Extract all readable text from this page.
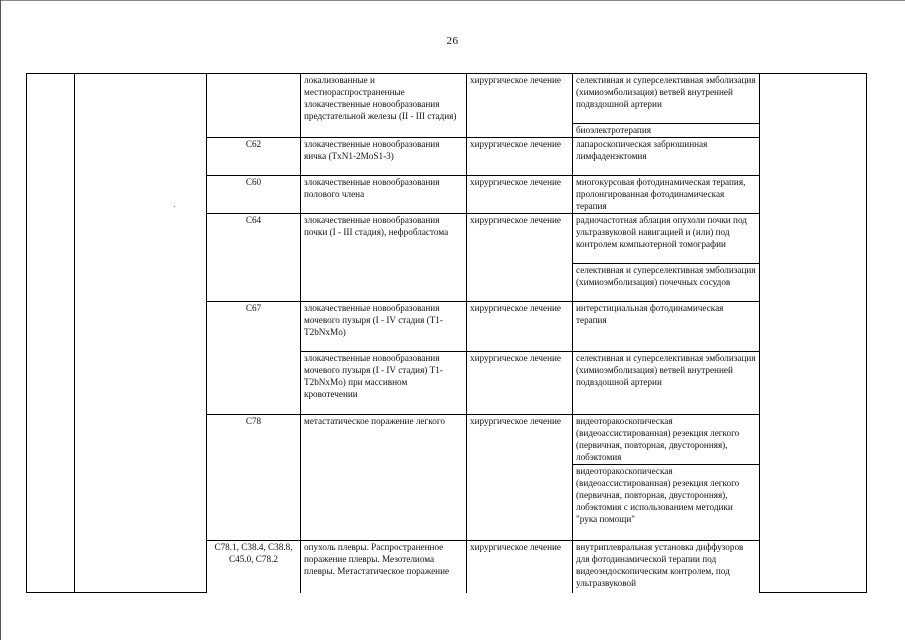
26
			локализованные и местнораспространенные злокачественные новообразования предстательной железы (II - III стадия)	хирургическое лечение	селективная и суперселективная эмболизация (химиоэмболизация) ветвей внутренней подвздошной артерии	
					биоэлектротерапия	
		C62	злокачественные новообразования яичка (TxN1-2MoS1-3)	хирургическое лечение	лапароскопическая забрюшинная лимфаденэктомия	
		C60	злокачественные новообразования полового члена	хирургическое лечение	многокурсовая фотодинамическая терапия, пролонгированная фотодинамическая терапия	
		C64	злокачественные новообразования почки (I - III стадия), нефробластома	хирургическое лечение	радиочастотная аблация опухоли почки под ультразвуковой навигацией и (или) под контролем компьютерной томографии	
					селективная и суперселективная эмболизация (химиоэмболизация) почечных сосудов	
		C67	злокачественные новообразования мочевого пузыря (I - IV стадия (T1-T2bNxMo)	хирургическое лечение	интерстициальная фотодинамическая терапия	
			злокачественные новообразования мочевого пузыря (I - IV стадия) T1-T2bNxMo) при массивном кровотечении	хирургическое лечение	селективная и суперселективная эмболизация (химиоэмболизация) ветвей внутренней подвздошной артерии	
		C78	метастатическое поражение легкого	хирургическое лечение	видеоторакоскопическая (видеоассистированная) резекция легкого (первичная, повторная, двусторонняя), лобэктомия	
					видеоторакоскопическая (видеоассистированная) резекция легкого (первичная, повторная, двусторонняя), лобэктомия с использованием методики "рука помощи"	
		C78.1, C38.4, C38.8, C45.0, C78.2	опухоль плевры. Распространенное поражение плевры. Мезотелиома плевры. Метастатическое поражение	хирургическое лечение	внутриплевральная установка диффузоров для фотодинамической терапии под видеоэндоскопическим контролем, под ультразвуковой	
